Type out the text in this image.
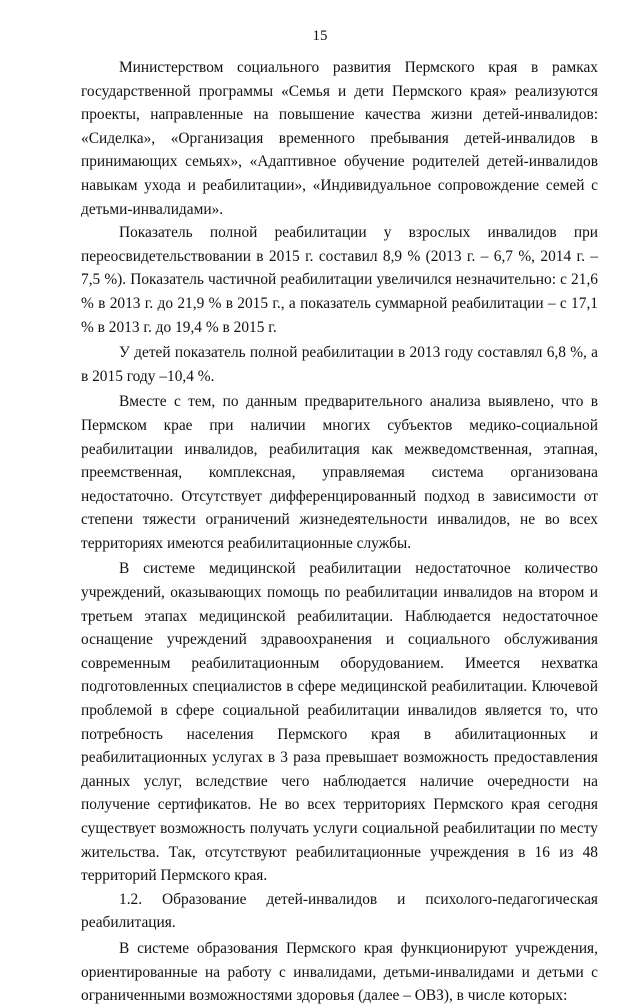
15

Министерством социального развития Пермского края в рамках государственной программы «Семья и дети Пермского края» реализуются проекты, направленные на повышение качества жизни детей-инвалидов: «Сиделка», «Организация временного пребывания детей-инвалидов в принимающих семьях», «Адаптивное обучение родителей детей-инвалидов навыкам ухода и реабилитации», «Индивидуальное сопровождение семей с детьми-инвалидами».

Показатель полной реабилитации у взрослых инвалидов при переосвидетельствовании в 2015 г. составил 8,9 % (2013 г. – 6,7 %, 2014 г. – 7,5 %). Показатель частичной реабилитации увеличился незначительно: с 21,6 % в 2013 г. до 21,9 % в 2015 г., а показатель суммарной реабилитации – с 17,1 % в 2013 г. до 19,4 % в 2015 г.

У детей показатель полной реабилитации в 2013 году составлял 6,8 %, а в 2015 году –10,4 %.

Вместе с тем, по данным предварительного анализа выявлено, что в Пермском крае при наличии многих субъектов медико-социальной реабилитации инвалидов, реабилитация как межведомственная, этапная, преемственная, комплексная, управляемая система организована недостаточно. Отсутствует дифференцированный подход в зависимости от степени тяжести ограничений жизнедеятельности инвалидов, не во всех территориях имеются реабилитационные службы.

В системе медицинской реабилитации недостаточное количество учреждений, оказывающих помощь по реабилитации инвалидов на втором и третьем этапах медицинской реабилитации. Наблюдается недостаточное оснащение учреждений здравоохранения и социального обслуживания современным реабилитационным оборудованием. Имеется нехватка подготовленных специалистов в сфере медицинской реабилитации. Ключевой проблемой в сфере социальной реабилитации инвалидов является то, что потребность населения Пермского края в абилитационных и реабилитационных услугах в 3 раза превышает возможность предоставления данных услуг, вследствие чего наблюдается наличие очередности на получение сертификатов. Не во всех территориях Пермского края сегодня существует возможность получать услуги социальной реабилитации по месту жительства. Так, отсутствуют реабилитационные учреждения в 16 из 48 территорий Пермского края.

1.2. Образование детей-инвалидов и психолого-педагогическая реабилитация.

В системе образования Пермского края функционируют учреждения, ориентированные на работу с инвалидами, детьми-инвалидами и детьми с ограниченными возможностями здоровья (далее – ОВЗ), в числе которых:
